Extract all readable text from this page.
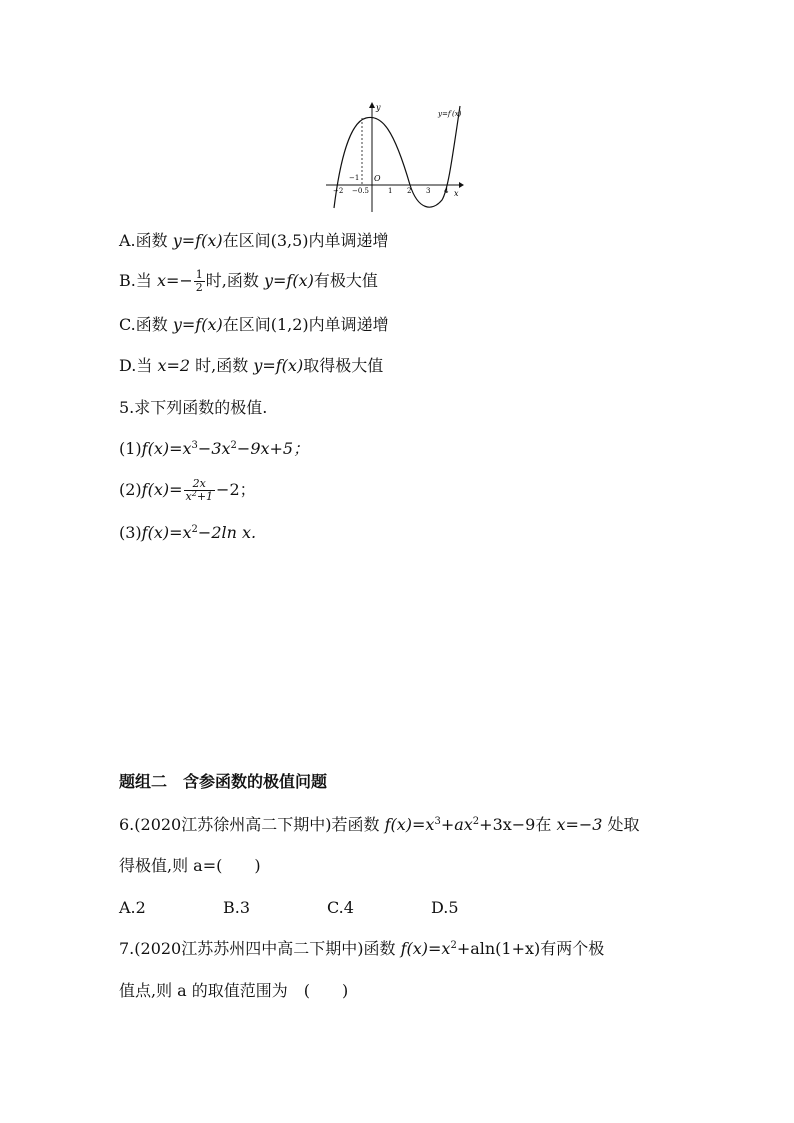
y
x
O
y=f′(x)
−2
−1
−0.5	1 2 3 4
A.函数 y=f(x)在区间(3,5)内单调递增
B.当 $x=- \frac{1}{2}$ 时,函数 y=f(x)有极大值
C.函数 y=f(x)在区间(1,2)内单调递增
D.当 x=2 时,函数 y=f(x)取得极大值
5.求下列函数的极值.
$(1)f(x)=x^3-3x^2-9x+5$；
$(2)f(x)= \frac{2x}{x^2+1} -2$；
$(3)f(x)=x^2-2\ln$ x.
题组二　含参函数的极值问题
6.(2020江苏徐州高二下期中)若函数 $f(x)=x^3+ax^2+3x-9$在 x=−3 处取
得极值,则 a=(　　)
A.2	B.3	C.4	D.5
7.(2020江苏苏州四中高二下期中)函数 $f(x)=x^2+aln(1+x)$有两个极
值点,则 a 的取值范围为　(　　)
